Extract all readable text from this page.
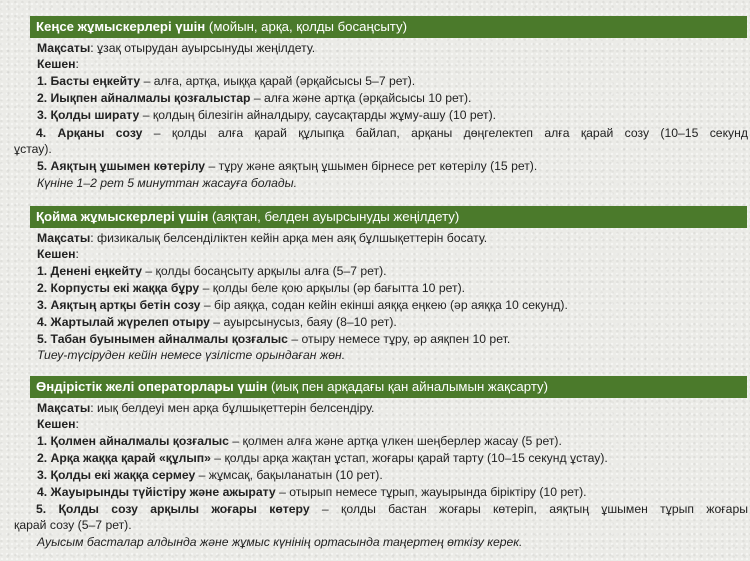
Кеңсе жұмыскерлері үшін (мойын, арқа, қолды босаңсыту)
Мақсаты: ұзақ отырудан ауырсынуды жеңілдету.
Кешен:
1. Басты еңкейту – алға, артқа, иыққа қарай (әрқайсысы 5–7 рет).
2. Иықпен айналмалы қозғалыстар – алға және артқа (әрқайсысы 10 рет).
3. Қолды ширату – қолдың білезігін айналдыру, саусақтарды жұму-ашу (10 рет).
4. Арқаны созу – қолды алға қарай құлыпқа байлап, арқаны дөңгелектеп алға қарай созу (10–15 секунд
ұстау).
5. Аяқтың ұшымен көтерілу – тұру және аяқтың ұшымен бірнесе рет көтерілу (15 рет).
Күніне 1–2 рет 5 минуттан жасауға болады.
Қойма жұмыскерлері үшін (аяқтан, белден ауырсынуды жеңілдету)
Мақсаты: физикалық белсенділіктен кейін арқа мен аяқ бұлшықеттерін босату.
Кешен:
1. Денені еңкейту – қолды босаңсыту арқылы алға (5–7 рет).
2. Корпусты екі жаққа бұру – қолды беле қою арқылы (әр бағытта 10 рет).
3. Аяқтың артқы бетін созу – бір аяққа, содан кейін екінші аяққа еңкею (әр аяққа 10 секунд).
4. Жартылай жүрелеп отыру – ауырсынусыз, баяу (8–10 рет).
5. Табан буынымен айналмалы қозғалыс – отыру немесе тұру, әр аяқпен 10 рет.
Тиеу-түсіруден кейін немесе үзілісте орындаған жөн.
Өндірістік желі операторлары үшін (иық пен арқадағы қан айналымын жақсарту)
Мақсаты: иық белдеуі мен арқа бұлшықеттерін белсендіру.
Кешен:
1. Қолмен айналмалы қозғалыс – қолмен алға және артқа үлкен шеңберлер жасау (5 рет).
2. Арқа жаққа қарай «құлып» – қолды арқа жақтан ұстап, жоғары қарай тарту (10–15 секунд ұстау).
3. Қолды екі жаққа сермеу – жұмсақ, бақыланатын (10 рет).
4. Жауырынды түйістіру және ажырату – отырып немесе тұрып, жауырында біріктіру (10 рет).
5. Қолды созу арқылы жоғары көтеру – қолды бастан жоғары көтеріп, аяқтың ұшымен тұрып жоғары
қарай созу (5–7 рет).
Ауысым басталар алдында және жұмыс күнінің ортасында таңертең өткізу керек.
